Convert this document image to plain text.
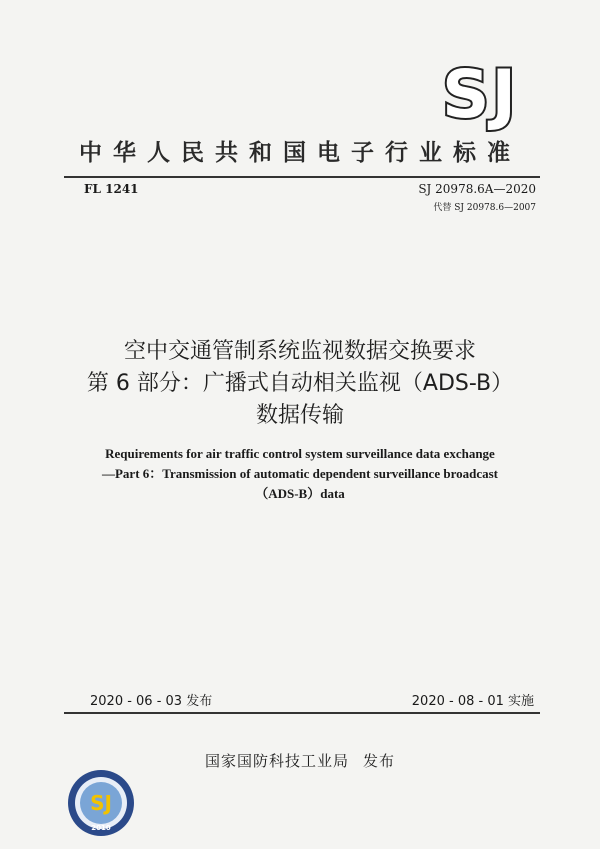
SJ
中华人民共和国电子行业标准
FL 1241	SJ 20978.6A—2020
代替 SJ 20978.6—2007
空中交通管制系统监视数据交换要求
第 6 部分：广播式自动相关监视（ADS-B）
数据传输
Requirements for air traffic control system surveillance data exchange
—Part 6：Transmission of automatic dependent surveillance broadcast
（ADS-B）data
2020 - 06 - 03 发布	2020 - 08 - 01 实施
国家国防科技工业局 发布
SJ
2010
